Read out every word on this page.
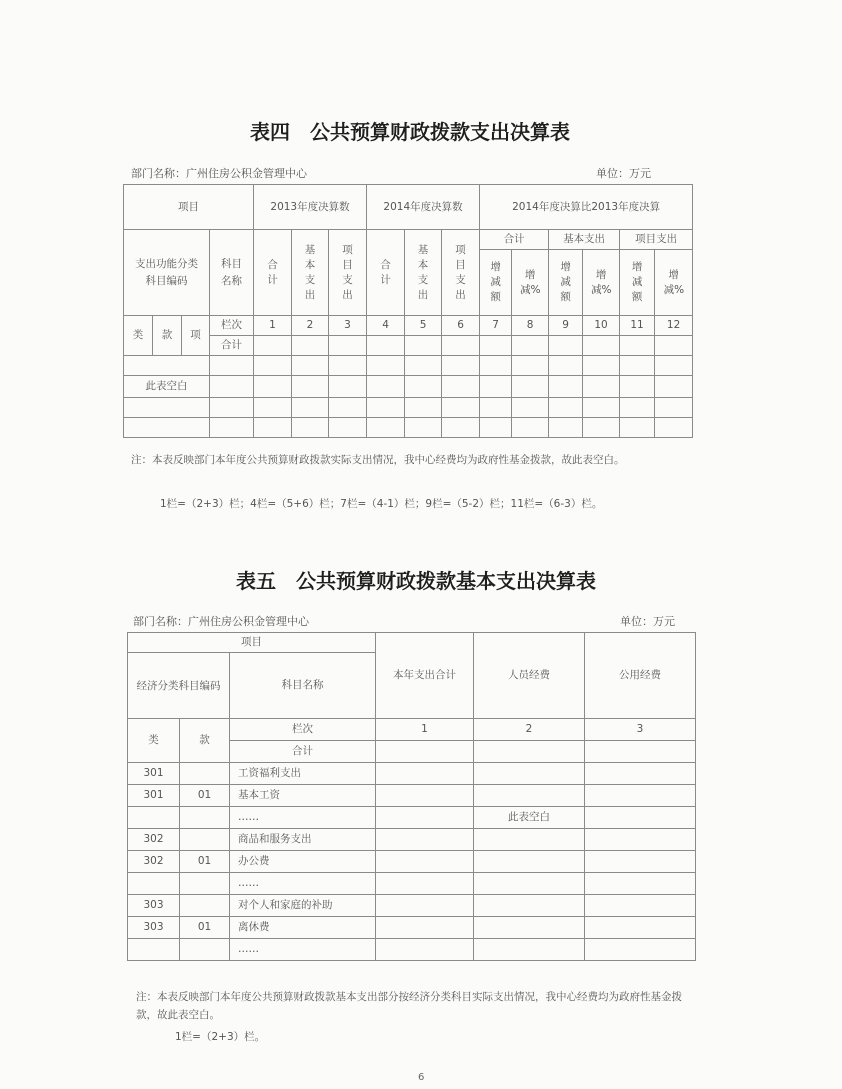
表四　公共预算财政拨款支出决算表
部门名称：广州住房公积金管理中心	单位：万元
项目				2013年度决算数			2014年度决算数			2014年度决算比2013年度决算					
支出功能分类科目编码			科目名称	合计	基本支出	项目支出	合计	基本支出	项目支出	合计		基本支出		项目支出	
										增减额	增减%	增减额	增减%	增减额	增减%
类	款	项	栏次	1	2	3	4	5	6	7	8	9	10	11	12
			合计												

此表空白															

注：本表反映部门本年度公共预算财政拨款实际支出情况，我中心经费均为政府性基金拨款，故此表空白。
1栏=（2+3）栏；4栏=（5+6）栏；7栏=（4-1）栏；9栏=（5-2）栏；11栏=（6-3）栏。
表五　公共预算财政拨款基本支出决算表
部门名称：广州住房公积金管理中心	单位：万元
项目			本年支出合计	人员经费	公用经费
经济分类科目编码		科目名称			
类	款	栏次	1	2	3
		合计			
301		工资福利支出			
301	01	基本工资			
		……		此表空白	
302		商品和服务支出			
302	01	办公费			
		……			
303		对个人和家庭的补助			
303	01	离休费			
		……			
注：本表反映部门本年度公共预算财政拨款基本支出部分按经济分类科目实际支出情况，我中心经费均为政府性基金拨款，故此表空白。
1栏=（2+3）栏。
6
